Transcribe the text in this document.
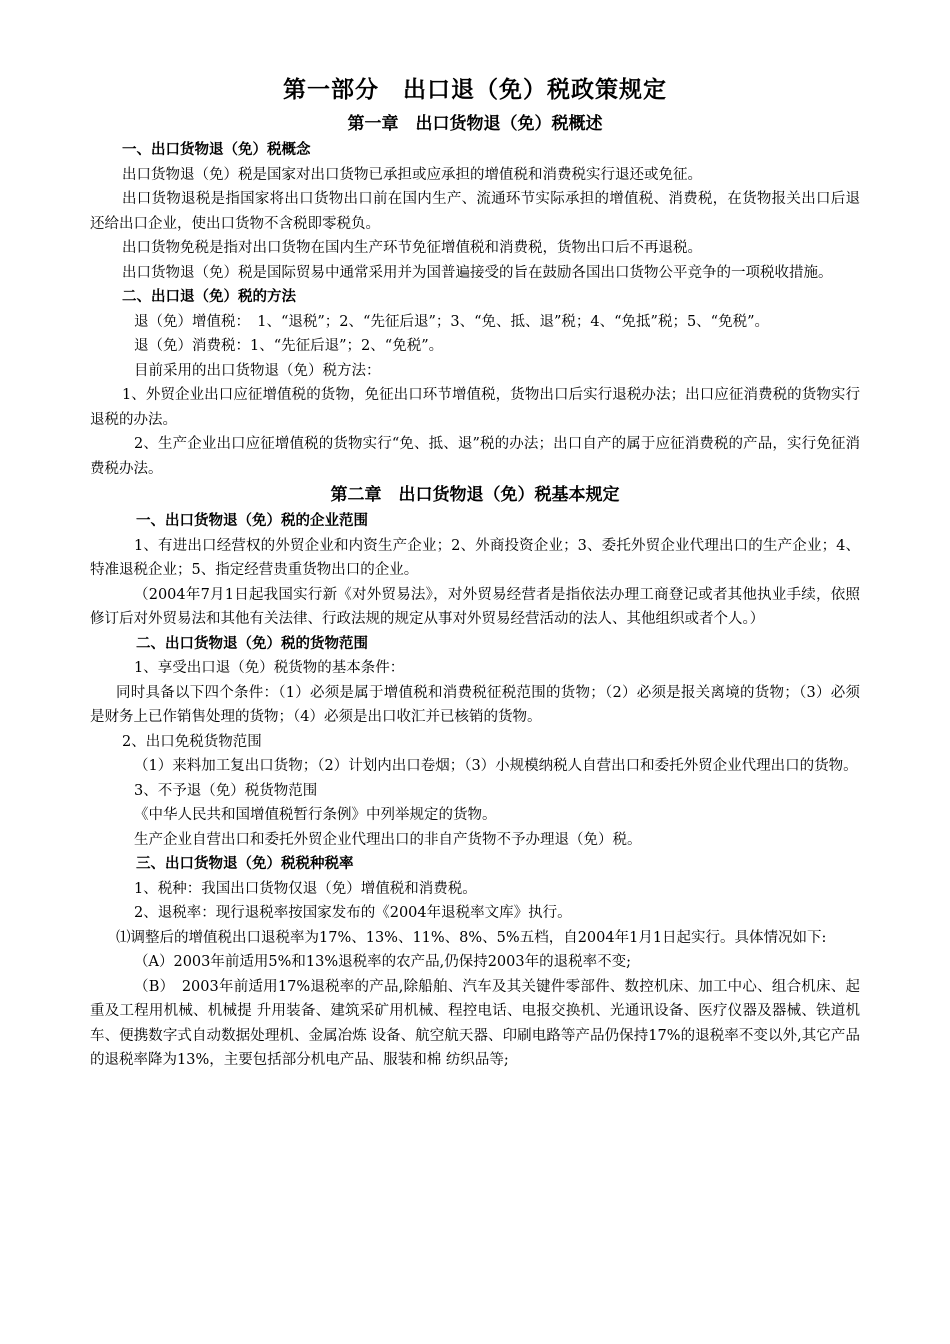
第一部分　出口退（免）税政策规定
第一章　出口货物退（免）税概述
一、出口货物退（免）税概念

出口货物退（免）税是国家对出口货物已承担或应承担的增值税和消费税实行退还或免征。

出口货物退税是指国家将出口货物出口前在国内生产、流通环节实际承担的增值税、消费税，在货物报关出口后退还给出口企业，使出口货物不含税即零税负。

出口货物免税是指对出口货物在国内生产环节免征增值税和消费税，货物出口后不再退税。

出口货物退（免）税是国际贸易中通常采用并为国普遍接受的旨在鼓励各国出口货物公平竞争的一项税收措施。

二、出口退（免）税的方法

退（免）增值税：　1、“退税”；2、“先征后退”；3、“免、抵、退”税；4、“免抵”税；5、“免税”。

退（免）消费税：1、“先征后退”；2、“免税”。

目前采用的出口货物退（免）税方法：

1、外贸企业出口应征增值税的货物，免征出口环节增值税，货物出口后实行退税办法；出口应征消费税的货物实行退税的办法。

2、生产企业出口应征增值税的货物实行“免、抵、退”税的办法；出口自产的属于应征消费税的产品，实行免征消费税办法。

第二章　出口货物退（免）税基本规定
一、出口货物退（免）税的企业范围

1、有进出口经营权的外贸企业和内资生产企业；2、外商投资企业；3、委托外贸企业代理出口的生产企业；4、特准退税企业；5、指定经营贵重货物出口的企业。

（2004年7月1日起我国实行新《对外贸易法》，对外贸易经营者是指依法办理工商登记或者其他执业手续，依照修订后对外贸易法和其他有关法律、行政法规的规定从事对外贸易经营活动的法人、其他组织或者个人。）

二、出口货物退（免）税的货物范围

1、享受出口退（免）税货物的基本条件：

同时具备以下四个条件：（1）必须是属于增值税和消费税征税范围的货物；（2）必须是报关离境的货物；（3）必须是财务上已作销售处理的货物；（4）必须是出口收汇并已核销的货物。

2、出口免税货物范围

（1）来料加工复出口货物；（2）计划内出口卷烟；（3）小规模纳税人自营出口和委托外贸企业代理出口的货物。

3、不予退（免）税货物范围

《中华人民共和国增值税暂行条例》中列举规定的货物。

生产企业自营出口和委托外贸企业代理出口的非自产货物不予办理退（免）税。

三、出口货物退（免）税税种税率

1、税种：我国出口货物仅退（免）增值税和消费税。

2、退税率：现行退税率按国家发布的《2004年退税率文库》执行。

⑴调整后的增值税出口退税率为17%、13%、11%、8%、5%五档，自2004年1月1日起实行。具体情况如下:

（A）2003年前适用5%和13%退税率的农产品,仍保持2003年的退税率不变;

（B）　2003年前适用17%退税率的产品,除船舶、汽车及其关键件零部件、数控机床、加工中心、组合机床、起重及工程用机械、机械提 升用装备、建筑采矿用机械、程控电话、电报交换机、光通讯设备、医疗仪器及器械、铁道机车、便携数字式自动数据处理机、金属冶炼 设备、航空航天器、印刷电路等产品仍保持17%的退税率不变以外,其它产品的退税率降为13%，主要包括部分机电产品、服装和棉 纺织品等;
